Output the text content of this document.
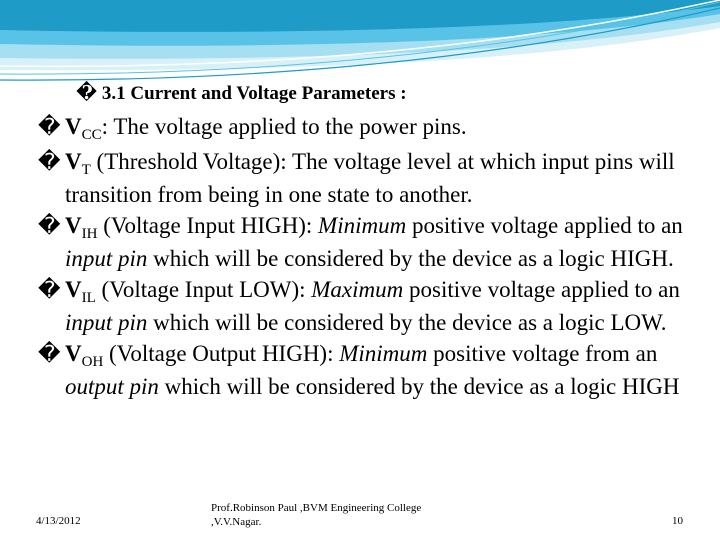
� 3.1 Current and Voltage Parameters :
� $V_{CC}$: The voltage applied to the power pins.
� $V_T$ (Threshold Voltage): The voltage level at which input pins will transition from being in one state to another.
� $V_{IH}$ (Voltage Input HIGH): Minimum positive voltage applied to an input pin which will be considered by the device as a logic HIGH.
� $V_{IL}$ (Voltage Input LOW): Maximum positive voltage applied to an input pin which will be considered by the device as a logic LOW.
� $V_{OH}$ (Voltage Output HIGH): Minimum positive voltage from an output pin which will be considered by the device as a logic HIGH
4/13/2012
Prof.Robinson Paul ,BVM Engineering College
,V.V.Nagar.	10
